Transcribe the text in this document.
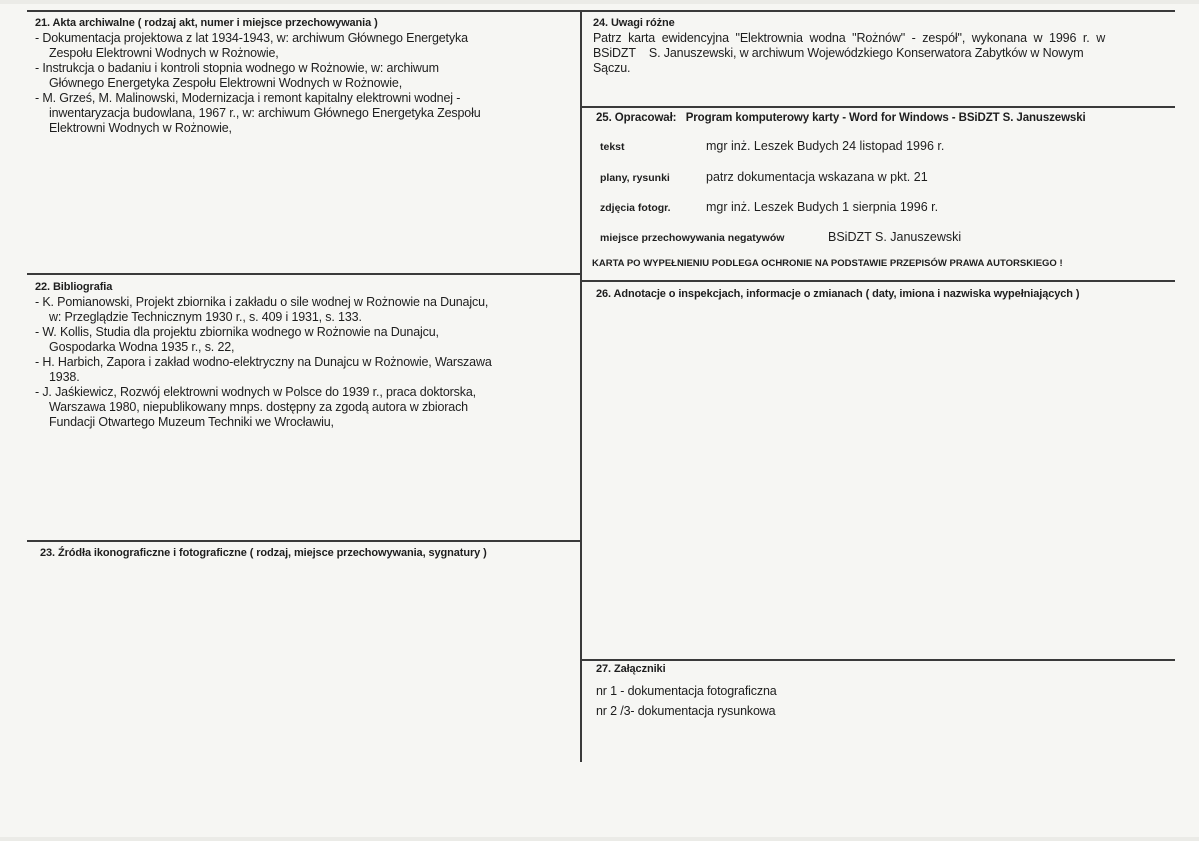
21. Akta archiwalne ( rodzaj akt, numer i miejsce przechowywania )

- Dokumentacja projektowa z lat 1934-1943, w: archiwum Głównego Energetyka

Zespołu Elektrowni Wodnych w Rożnowie,

- Instrukcja o badaniu i kontroli stopnia wodnego w Rożnowie, w: archiwum

Głównego Energetyka Zespołu Elektrowni Wodnych w Rożnowie,

- M. Grześ, M. Malinowski, Modernizacja i remont kapitalny elektrowni wodnej -

inwentaryzacja budowlana, 1967 r., w: archiwum Głównego Energetyka Zespołu

Elektrowni Wodnych w Rożnowie,

22. Bibliografia

- K. Pomianowski, Projekt zbiornika i zakładu o sile wodnej w Rożnowie na Dunajcu,

w: Przeglądzie Technicznym 1930 r., s. 409 i 1931, s. 133.

- W. Kollis, Studia dla projektu zbiornika wodnego w Rożnowie na Dunajcu,

Gospodarka Wodna 1935 r., s. 22,

- H. Harbich, Zapora i zakład wodno-elektryczny na Dunajcu w Rożnowie, Warszawa

1938.

- J. Jaśkiewicz, Rozwój elektrowni wodnych w Polsce do 1939 r., praca doktorska,

Warszawa 1980, niepublikowany mnps. dostępny za zgodą autora w zbiorach

Fundacji Otwartego Muzeum Techniki we Wrocławiu,

23. Źródła ikonograficzne i fotograficzne ( rodzaj, miejsce przechowywania, sygnatury )
24. Uwagi różne

Patrz  karta  ewidencyjna  "Elektrownia  wodna  "Rożnów"  -  zespół",  wykonana  w  1996  r.  w

BSiDZT    S. Januszewski, w archiwum Wojewódzkiego Konserwatora Zabytków w Nowym

Sączu.

25. Opracował:   Program komputerowy karty - Word for Windows - BSiDZT S. Januszewski
tekst	mgr inż. Leszek Budych 24 listopad 1996 r.
plany, rysunki	patrz dokumentacja wskazana w pkt. 21
zdjęcia fotogr.	mgr inż. Leszek Budych 1 sierpnia 1996 r.
miejsce przechowywania negatywów	BSiDZT S. Januszewski
KARTA PO WYPEŁNIENIU PODLEGA OCHRONIE NA PODSTAWIE PRZEPISÓW PRAWA AUTORSKIEGO !
26. Adnotacje o inspekcjach, informacje o zmianach ( daty, imiona i nazwiska wypełniających )
27. Załączniki

nr 1 - dokumentacja fotograficzna

nr 2 /3- dokumentacja rysunkowa
